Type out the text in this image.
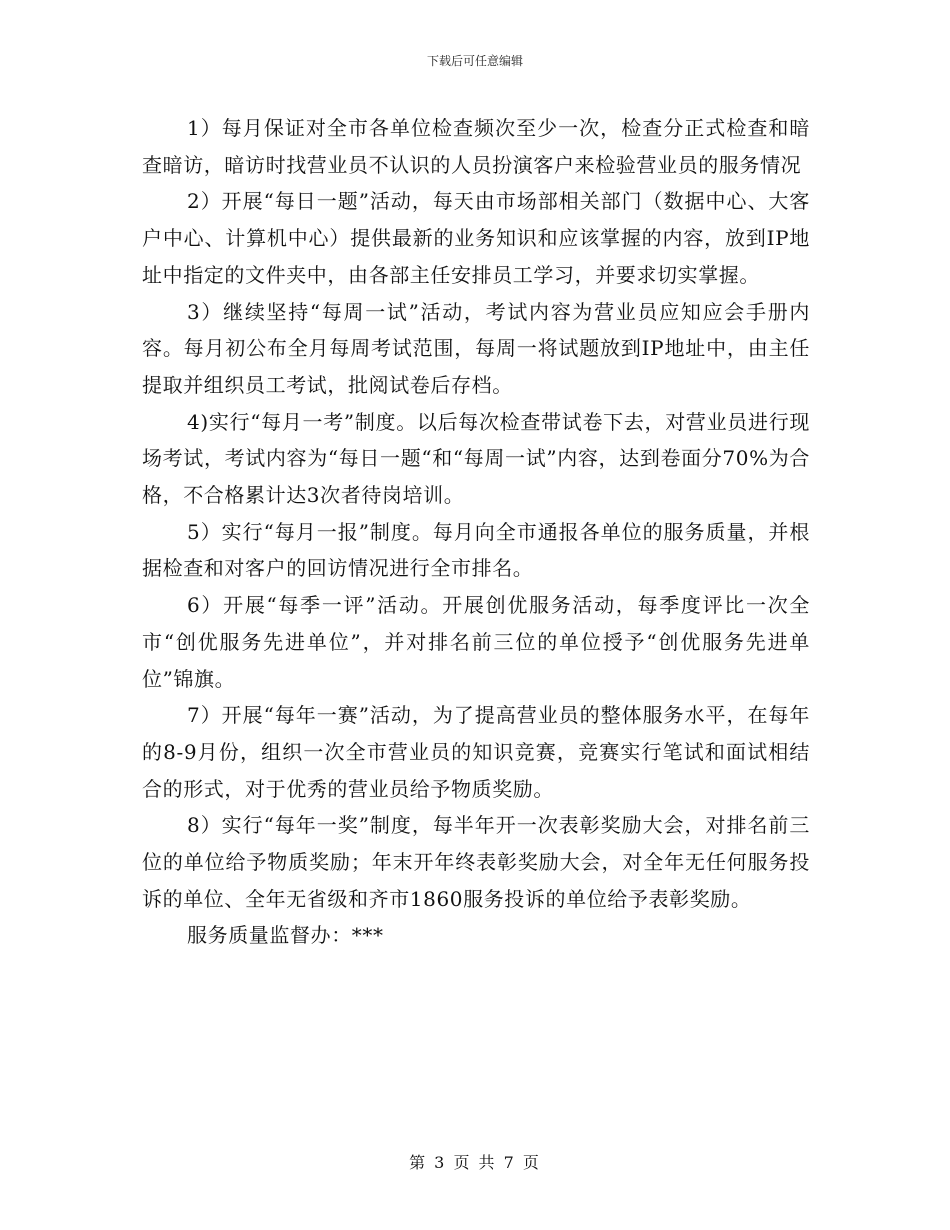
下载后可任意编辑

1）每月保证对全市各单位检查频次至少一次，检查分正式检查和暗查暗访，暗访时找营业员不认识的人员扮演客户来检验营业员的服务情况

2）开展“每日一题”活动，每天由市场部相关部门（数据中心、大客户中心、计算机中心）提供最新的业务知识和应该掌握的内容，放到IP地址中指定的文件夹中，由各部主任安排员工学习，并要求切实掌握。

3）继续坚持“每周一试”活动，考试内容为营业员应知应会手册内容。每月初公布全月每周考试范围，每周一将试题放到IP地址中，由主任提取并组织员工考试，批阅试卷后存档。

4)实行“每月一考”制度。以后每次检查带试卷下去，对营业员进行现场考试，考试内容为“每日一题“和“每周一试”内容，达到卷面分70%为合格，不合格累计达3次者待岗培训。

5）实行“每月一报”制度。每月向全市通报各单位的服务质量，并根据检查和对客户的回访情况进行全市排名。

6）开展“每季一评”活动。开展创优服务活动，每季度评比一次全市“创优服务先进单位”，并对排名前三位的单位授予“创优服务先进单位”锦旗。

7）开展“每年一赛”活动，为了提高营业员的整体服务水平，在每年的8-9月份，组织一次全市营业员的知识竞赛，竞赛实行笔试和面试相结合的形式，对于优秀的营业员给予物质奖励。

8）实行“每年一奖”制度，每半年开一次表彰奖励大会，对排名前三位的单位给予物质奖励；年末开年终表彰奖励大会，对全年无任何服务投诉的单位、全年无省级和齐市1860服务投诉的单位给予表彰奖励。

服务质量监督办：***

第 3 页 共 7 页
